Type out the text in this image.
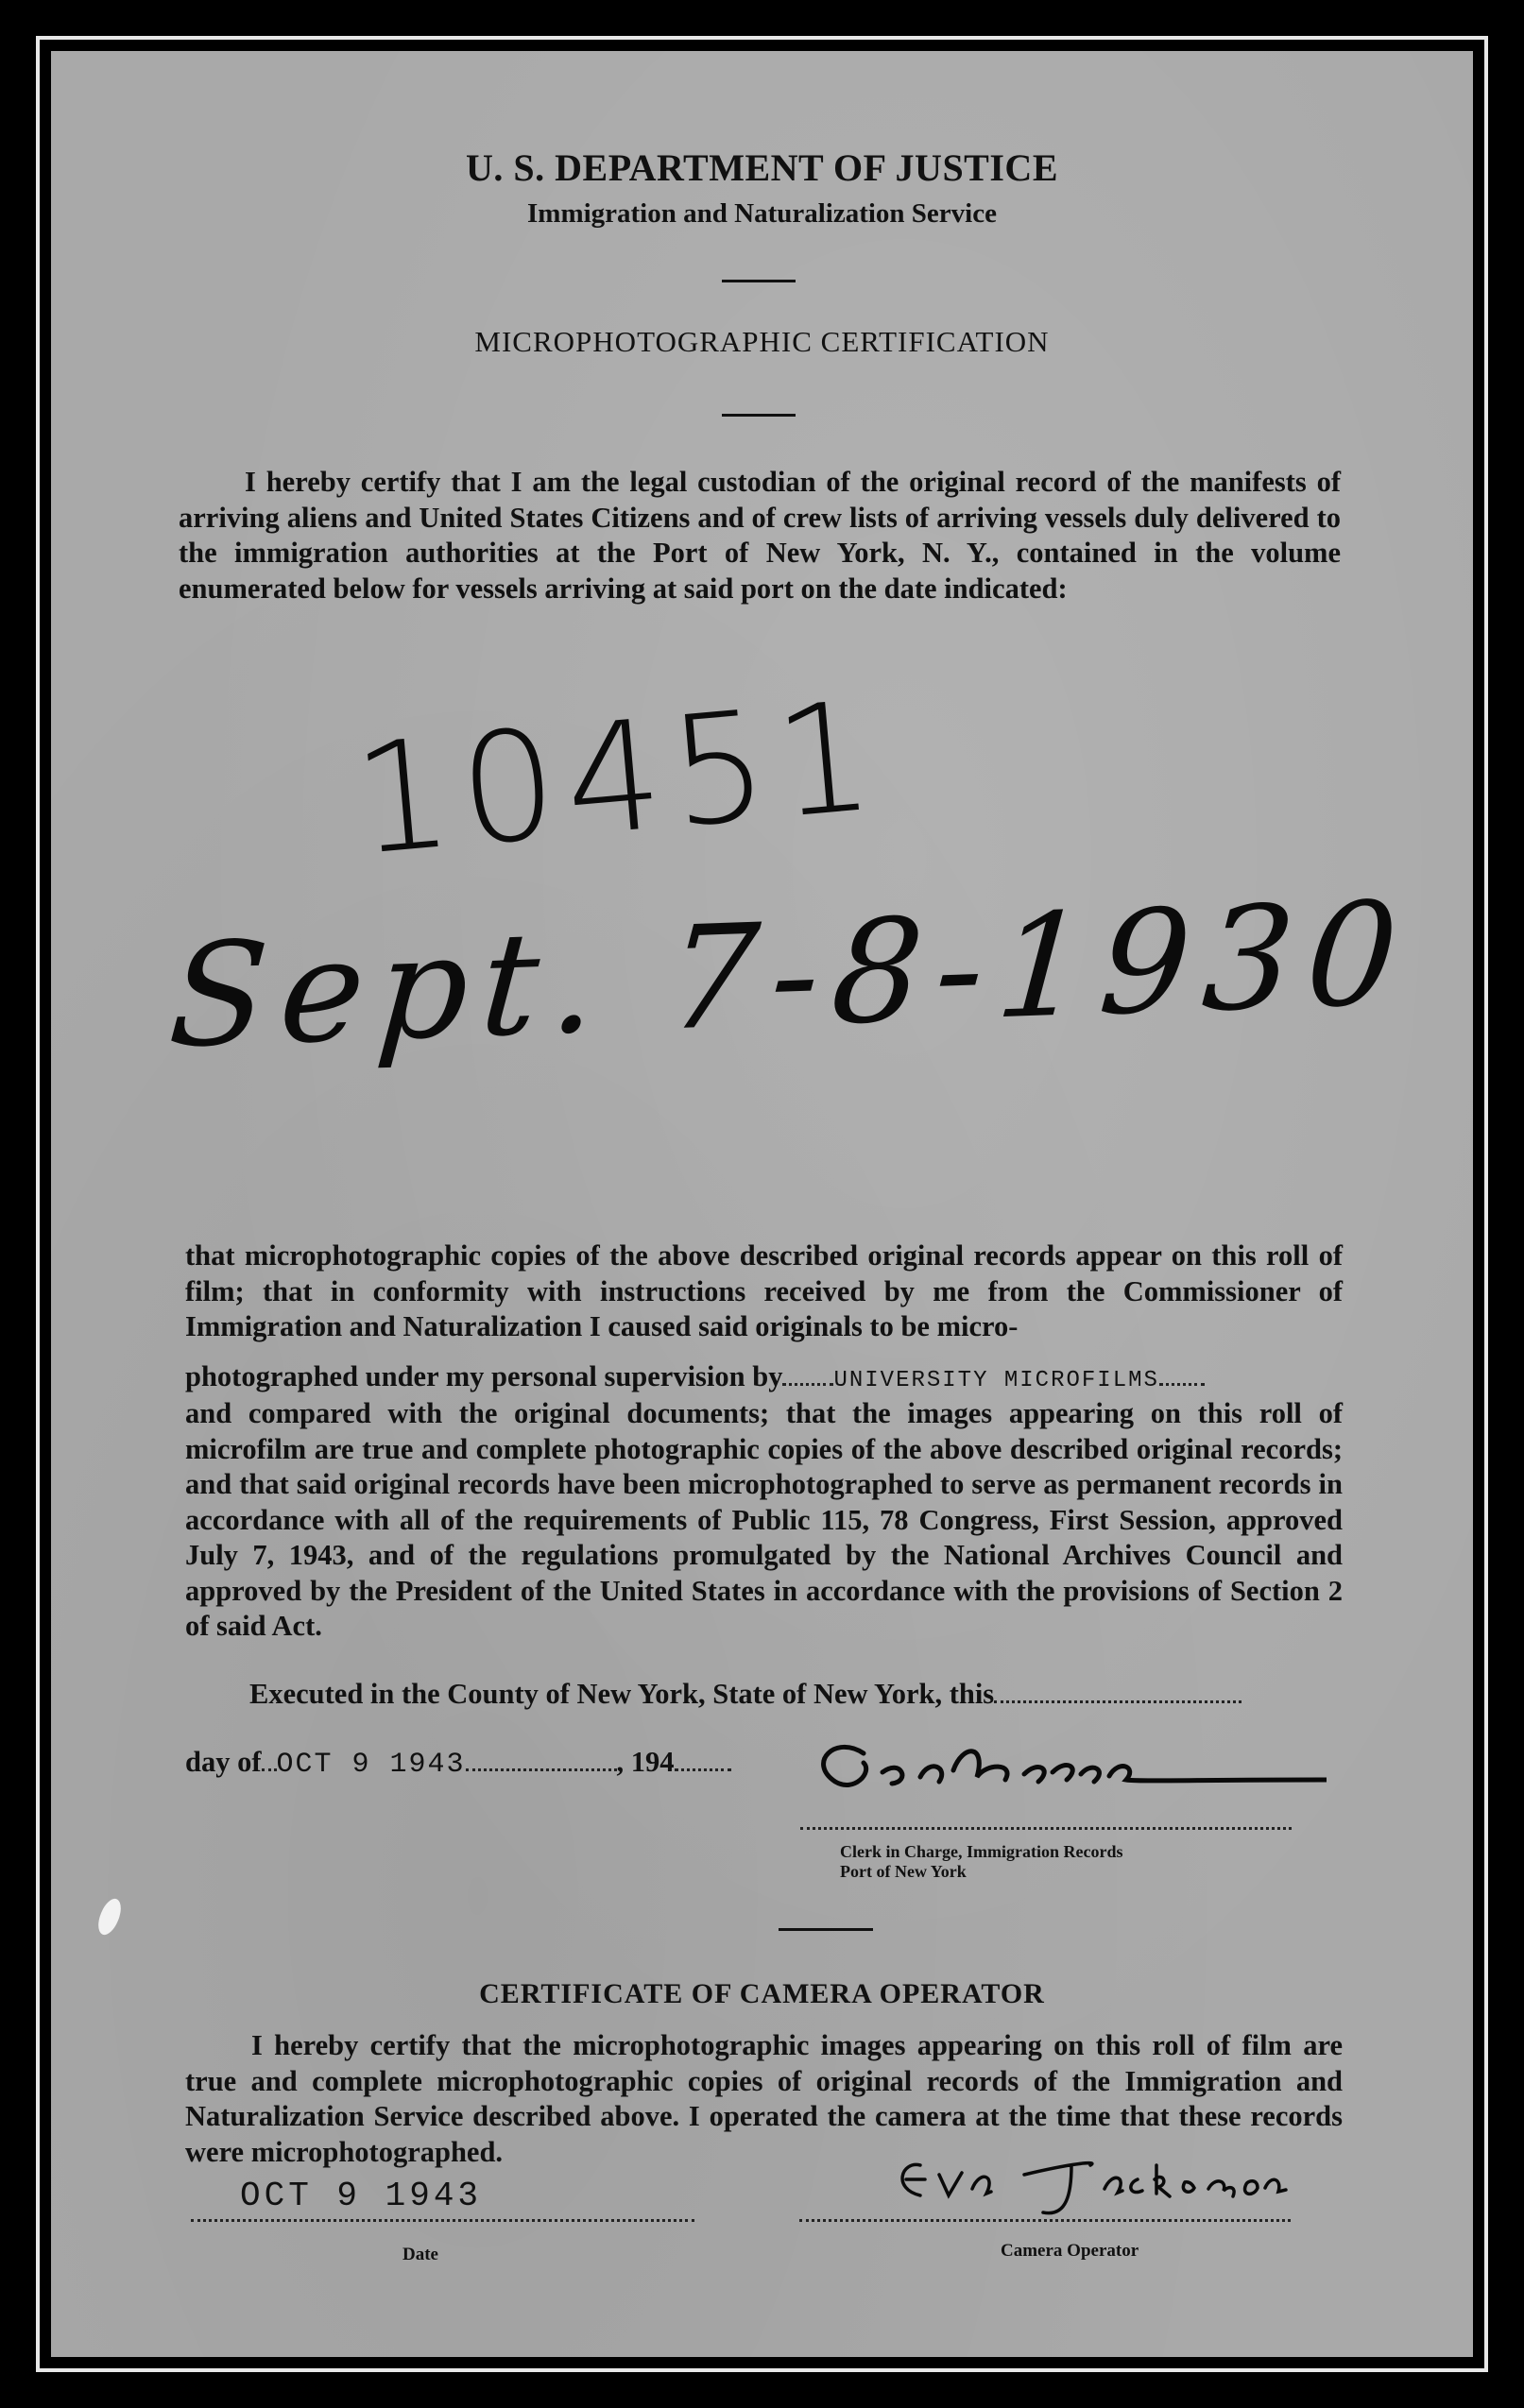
U. S. DEPARTMENT OF JUSTICE
Immigration and Naturalization Service
MICROPHOTOGRAPHIC CERTIFICATION

I hereby certify that I am the legal custodian of the original record of the manifests of arriving aliens and United States Citizens and of crew lists of arriving vessels duly delivered to the immigration authorities at the Port of New York, N. Y., contained in the volume enumerated below for vessels arriving at said port on the date indicated:

10451
Sept. 7-8-1930

that microphotographic copies of the above described original records appear on this roll of film; that in conformity with instructions received by me from the Commissioner of Immigration and Naturalization I caused said originals to be micro-

photographed under my personal supervision by UNIVERSITY MICROFILMS

and compared with the original documents; that the images appearing on this roll of microfilm are true and complete photographic copies of the above described original records; and that said original records have been microphotographed to serve as permanent records in accordance with all of the requirements of Public 115, 78 Congress, First Session, approved July 7, 1943, and of the regulations promulgated by the National Archives Council and approved by the President of the United States in accordance with the provisions of Section 2 of said Act.

Executed in the County of New York, State of New York, this
day of OCT 9 1943	, 194
Clerk in Charge, Immigration Records
Port of New York
CERTIFICATE OF CAMERA OPERATOR

I hereby certify that the microphotographic images appearing on this roll of film are true and complete microphotographic copies of original records of the Immigration and Naturalization Service described above. I operated the camera at the time that these records were microphotographed.

OCT 9 1943
Date	Camera Operator
